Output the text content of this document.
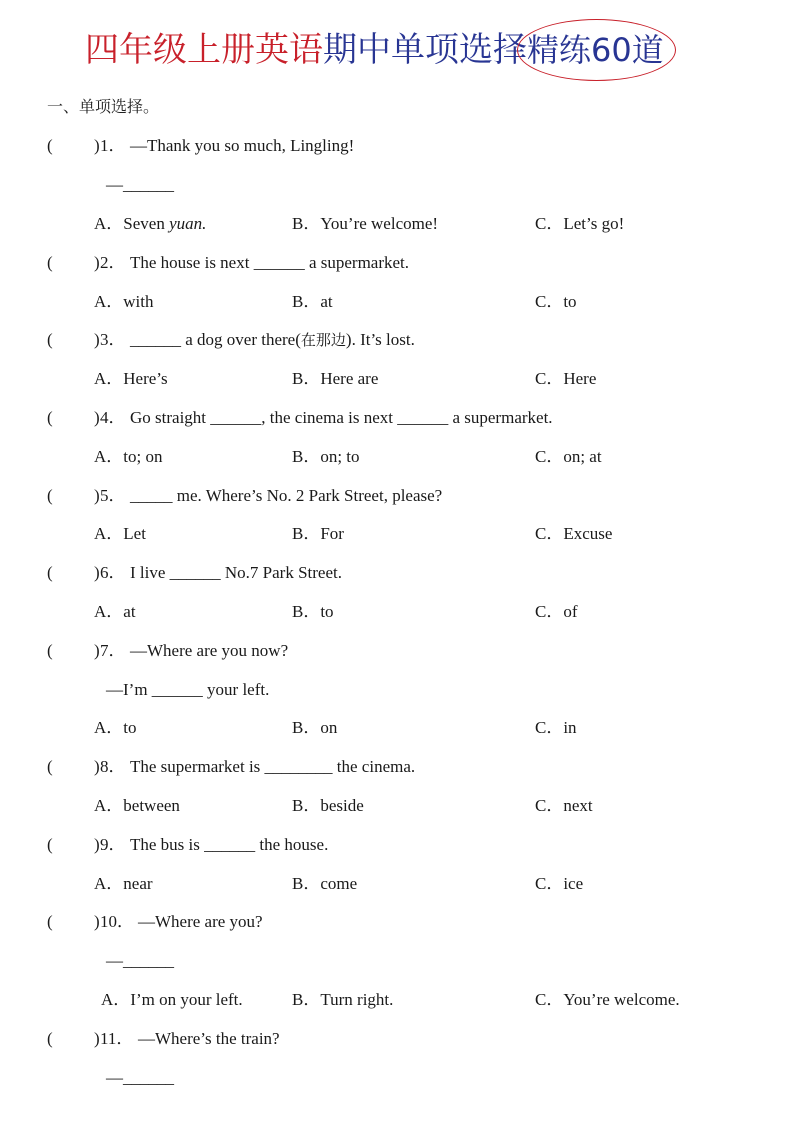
四年级上册英语期中单项选择精练60道
一、单项选择。
( ) 1． —Thank you so much, Lingling!
—______
A．Seven yuan.	B．You’re welcome!	C．Let’s go!
( ) 2． The house is next ______ a supermarket.
A．with	B．at	C．to
( ) 3． ______ a dog over there(在那边). It’s lost.
A．Here’s	B．Here are	C．Here
( ) 4． Go straight ______, the cinema is next ______ a supermarket.
A．to; on	B．on; to	C．on; at
( ) 5． _____ me. Where’s No. 2 Park Street, please?
A．Let	B．For	C．Excuse
( ) 6． I live ______ No.7 Park Street.
A．at	B．to	C．of
( ) 7． —Where are you now?
—I’m ______ your left.
A．to	B．on	C．in
( ) 8． The supermarket is ________ the cinema.
A．between	B．beside	C．next
( ) 9． The bus is ______ the house.
A．near	B．come	C．ice
( ) 10． —Where are you?
—______
A．I’m on your left.	B．Turn right.	C．You’re welcome.
( ) 11． —Where’s the train?
—______
